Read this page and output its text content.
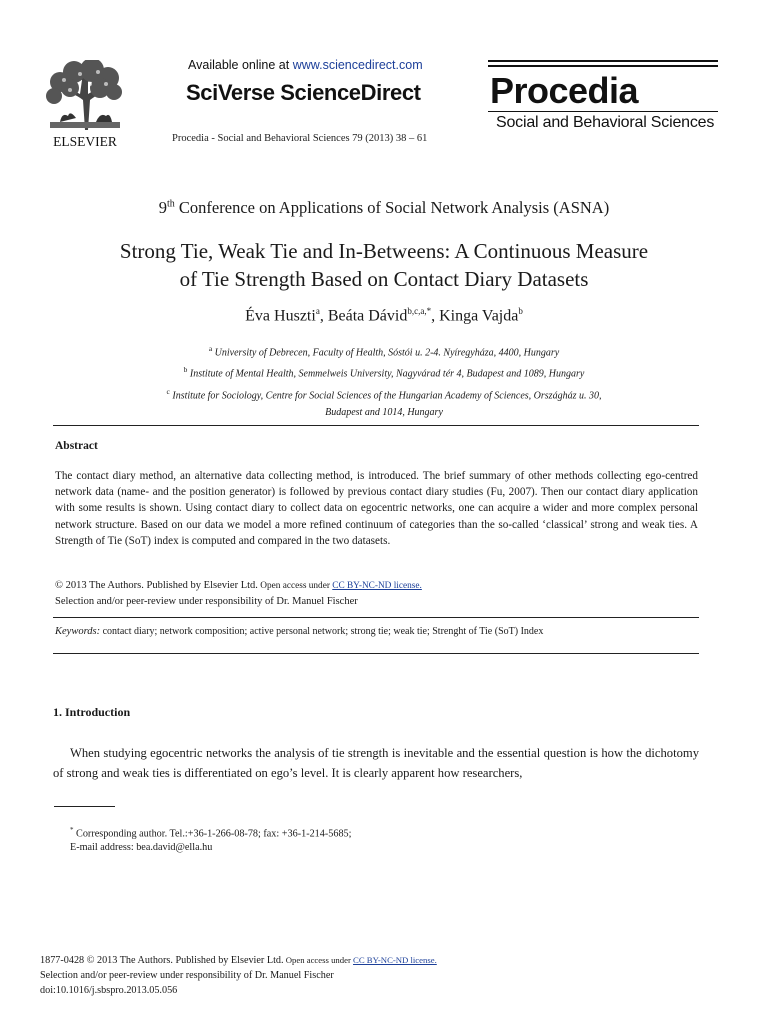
ELSEVIER
Available online at www.sciencedirect.com
SciVerse ScienceDirect
Procedia - Social and Behavioral Sciences 79 (2013) 38 – 61
Procedia
Social and Behavioral Sciences
9th Conference on Applications of Social Network Analysis (ASNA)
Strong Tie, Weak Tie and In-Betweens: A Continuous Measure
of Tie Strength Based on Contact Diary Datasets
Éva Huszti$^a$, Beáta Dávid$^{b,c,a,*}$, Kinga Vajda$^b$
$^a$ University of Debrecen, Faculty of Health, Sóstói u. 2-4. Nyíregyháza, 4400, Hungary
$^b$ Institute of Mental Health, Semmelweis University, Nagyvárad tér 4, Budapest and 1089, Hungary
$^c$ Institute for Sociology, Centre for Social Sciences of the Hungarian Academy of Sciences, Országház u. 30,
Budapest and 1014, Hungary
Abstract
The contact diary method, an alternative data collecting method, is introduced. The brief summary of other methods collecting ego-centred network data (name- and the position generator) is followed by previous contact diary studies (Fu, 2007). Then our contact diary application with some results is shown. Using contact diary to collect data on egocentric networks, one can acquire a wider and more complex personal network structure. Based on our data we model a more refined continuum of categories than the so-called ‘classical’ strong and weak ties. A Strength of Tie (SoT) index is computed and compared in the two datasets.
© 2013 The Authors. Published by Elsevier Ltd. Open access under CC BY-NC-ND license.
Selection and/or peer-review under responsibility of Dr. Manuel Fischer
Keywords: contact diary; network composition; active personal network; strong tie; weak tie; Strenght of Tie (SoT) Index
1. Introduction
When studying egocentric networks the analysis of tie strength is inevitable and the essential question is how the dichotomy of strong and weak ties is differentiated on ego’s level. It is clearly apparent how researchers,
* Corresponding author. Tel.:+36-1-266-08-78; fax: +36-1-214-5685;
E-mail address: bea.david@ella.hu
1877-0428 © 2013 The Authors. Published by Elsevier Ltd. Open access under CC BY-NC-ND license.
Selection and/or peer-review under responsibility of Dr. Manuel Fischer
doi:10.1016/j.sbspro.2013.05.056
